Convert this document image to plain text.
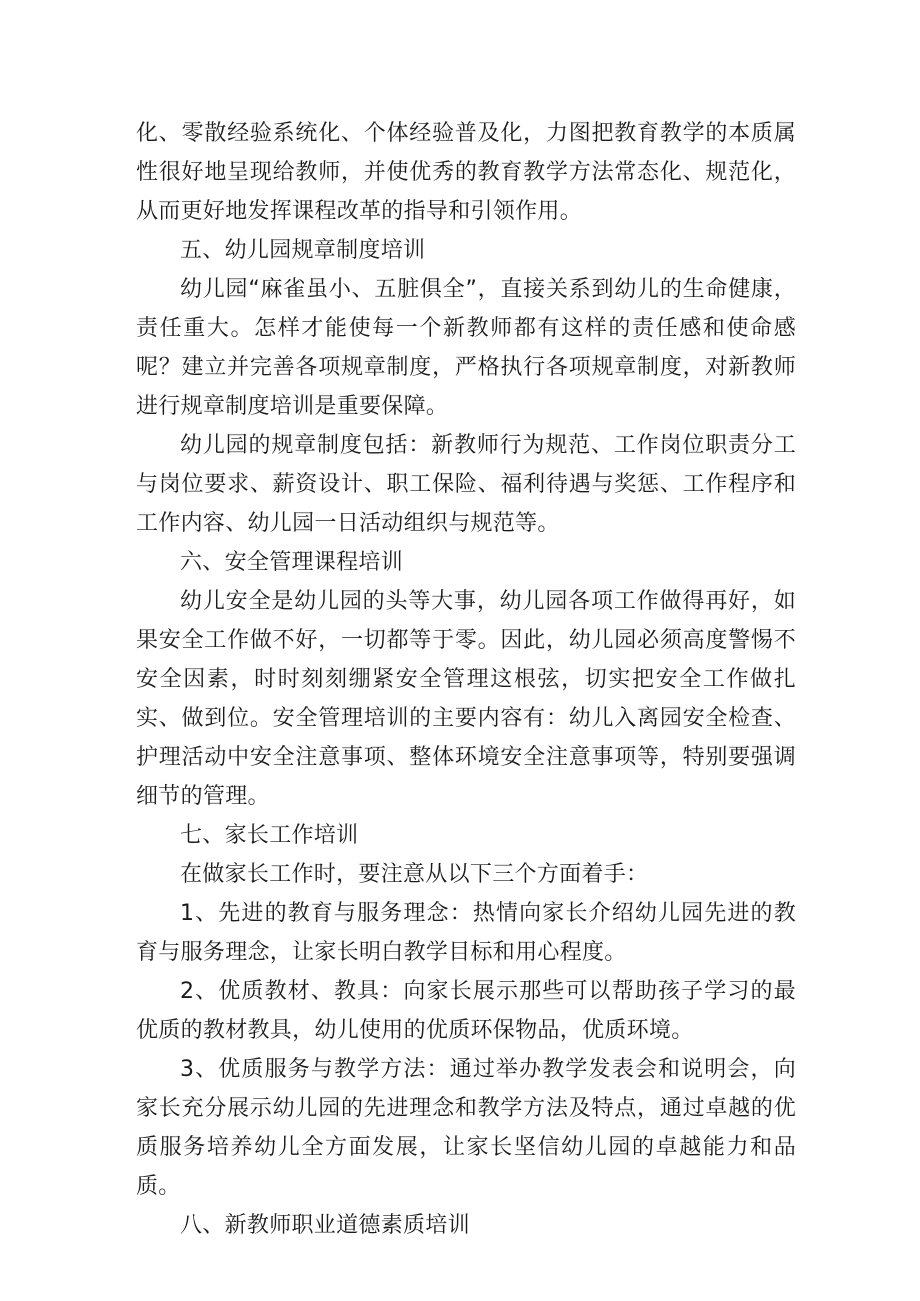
化、零散经验系统化、个体经验普及化，力图把教育教学的本质属性很好地呈现给教师，并使优秀的教育教学方法常态化、规范化，从而更好地发挥课程改革的指导和引领作用。

五、幼儿园规章制度培训

幼儿园“麻雀虽小、五脏俱全”，直接关系到幼儿的生命健康，责任重大。怎样才能使每一个新教师都有这样的责任感和使命感呢？建立并完善各项规章制度，严格执行各项规章制度，对新教师进行规章制度培训是重要保障。

幼儿园的规章制度包括：新教师行为规范、工作岗位职责分工与岗位要求、薪资设计、职工保险、福利待遇与奖惩、工作程序和工作内容、幼儿园一日活动组织与规范等。

六、安全管理课程培训

幼儿安全是幼儿园的头等大事，幼儿园各项工作做得再好，如果安全工作做不好，一切都等于零。因此，幼儿园必须高度警惕不安全因素，时时刻刻绷紧安全管理这根弦，切实把安全工作做扎实、做到位。安全管理培训的主要内容有：幼儿入离园安全检查、护理活动中安全注意事项、整体环境安全注意事项等，特别要强调细节的管理。

七、家长工作培训

在做家长工作时，要注意从以下三个方面着手：

1、先进的教育与服务理念：热情向家长介绍幼儿园先进的教育与服务理念，让家长明白教学目标和用心程度。

2、优质教材、教具：向家长展示那些可以帮助孩子学习的最优质的教材教具，幼儿使用的优质环保物品，优质环境。

3、优质服务与教学方法：通过举办教学发表会和说明会，向家长充分展示幼儿园的先进理念和教学方法及特点，通过卓越的优质服务培养幼儿全方面发展，让家长坚信幼儿园的卓越能力和品质。

八、新教师职业道德素质培训
